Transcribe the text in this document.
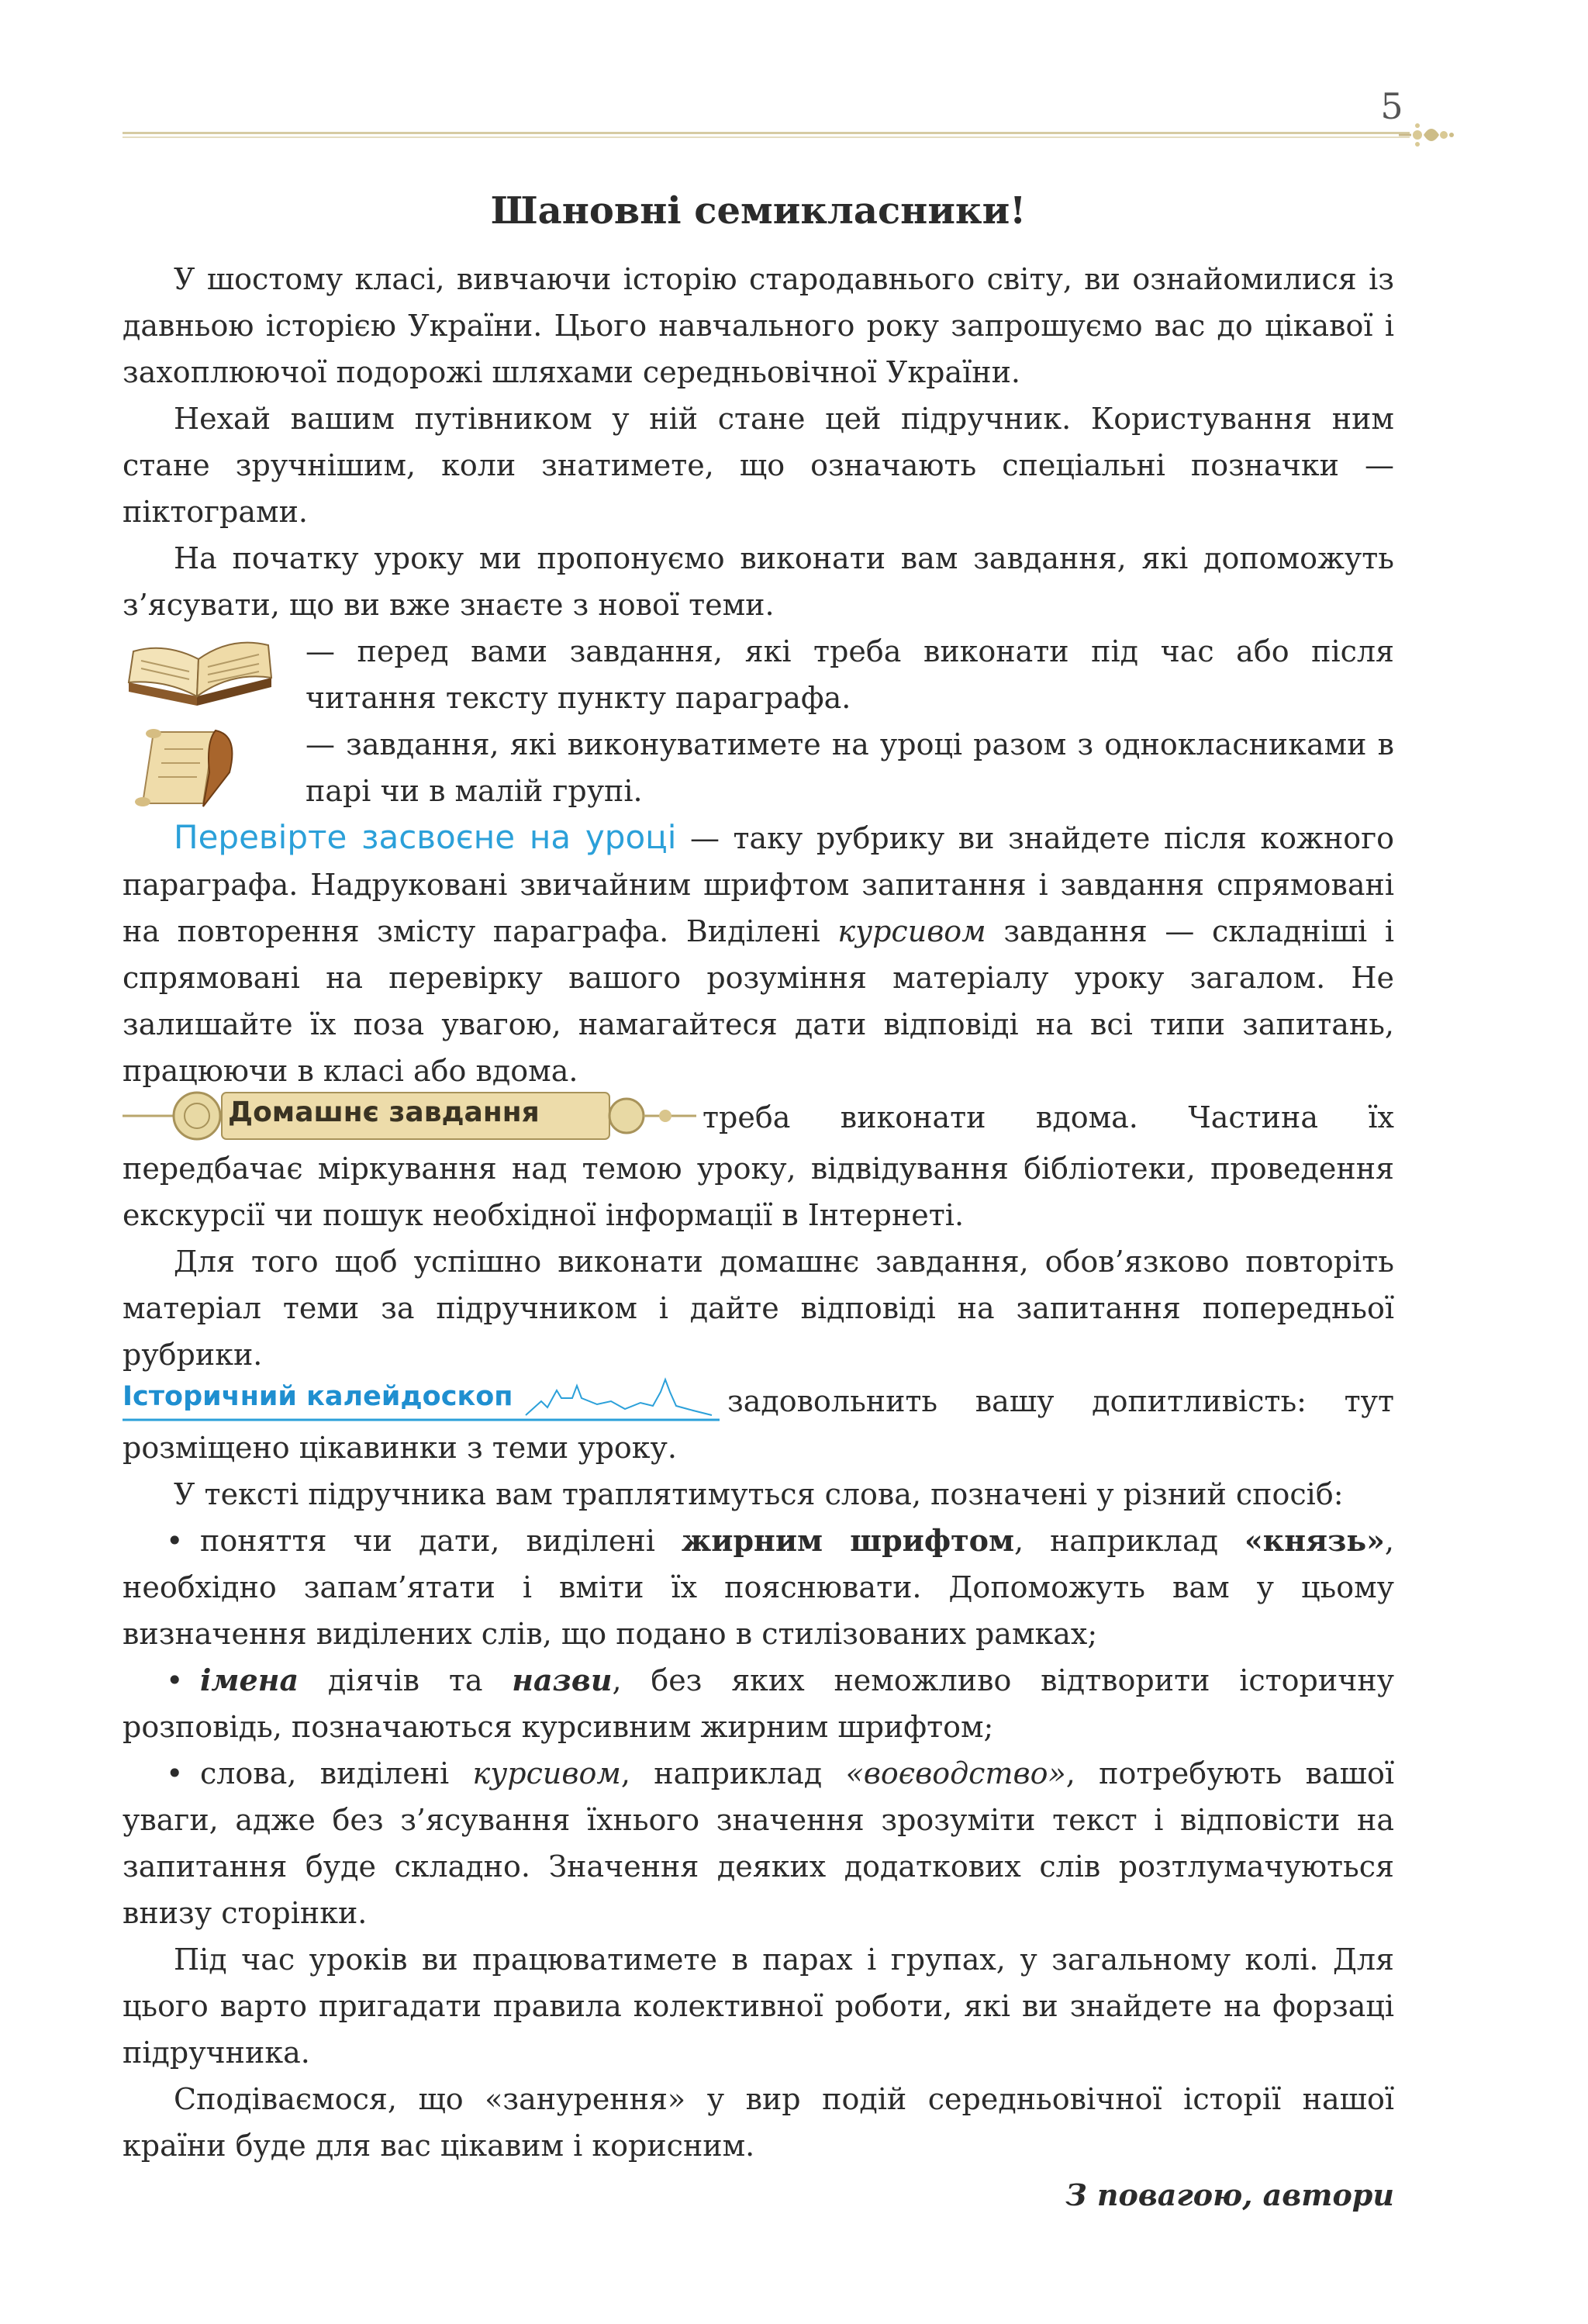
5
Шановні семикласники!

У шостому класі, вивчаючи історію стародавнього світу, ви ознайомилися із давньою історією України. Цього навчального року запрошуємо вас до цікавої і захоплюючої подорожі шляхами середньовічної України.

Нехай вашим путівником у ній стане цей підручник. Користування ним стане зручнішим, коли знатимете, що означають спеціальні позначки — піктограми.

На початку уроку ми пропонуємо виконати вам завдання, які допоможуть з’ясувати, що ви вже знаєте з нової теми.

— перед вами завдання, які треба виконати під час або після читання тексту пункту параграфа.

— завдання, які виконуватимете на уроці разом з однокласниками в парі чи в малій групі.

Перевірте засвоєне на уроці — таку рубрику ви знайдете після кожного параграфа. Надруковані звичайним шрифтом запитання і завдання спрямовані на повторення змісту параграфа. Виділені курсивом завдання — складніші і спрямовані на перевірку вашого розуміння матеріалу уроку загалом. Не залишайте їх поза увагою, намагайтеся дати відповіді на всі типи запитань, працюючи в класі або вдома.

Домашнє завдання	треба виконати вдома. Частина їх передбачає міркування над темою уроку, відвідування бібліотеки, проведення екскурсії чи пошук необхідної інформації в Інтернеті.

Для того щоб успішно виконати домашнє завдання, обов’язково повторіть матеріал теми за підручником і дайте відповіді на запитання попередньої рубрики.

Історичний калейдоскоп	задовольнить вашу допитливість: тут розміщено цікавинки з теми уроку.

У тексті підручника вам траплятимуться слова, позначені у різний спосіб:

• поняття чи дати, виділені жирним шрифтом, наприклад «князь», необхідно запам’ятати і вміти їх пояснювати. Допоможуть вам у цьому визначення виділених слів, що подано в стилізованих рамках;

• імена діячів та назви, без яких неможливо відтворити історичну розповідь, позначаються курсивним жирним шрифтом;

• слова, виділені курсивом, наприклад «воєводство», потребують вашої уваги, адже без з’ясування їхнього значення зрозуміти текст і відповісти на запитання буде складно. Значення деяких додаткових слів розтлумачуються внизу сторінки.

Під час уроків ви працюватимете в парах і групах, у загальному колі. Для цього варто пригадати правила колективної роботи, які ви знайдете на форзаці підручника.

Сподіваємося, що «занурення» у вир подій середньовічної історії нашої країни буде для вас цікавим і корисним.

З повагою, автори
